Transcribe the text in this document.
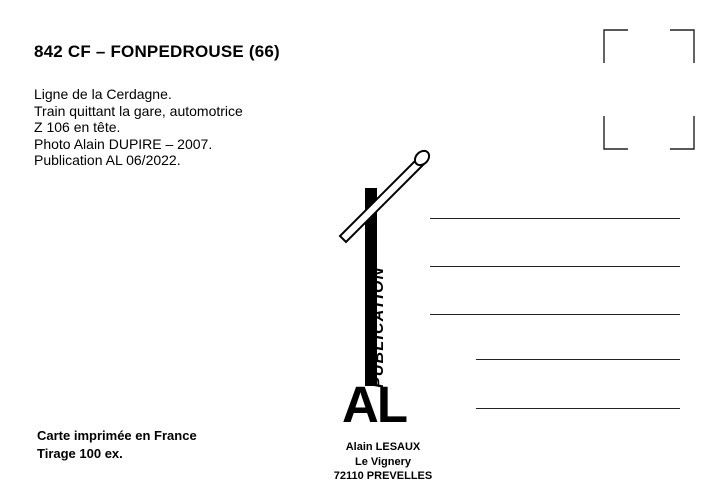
842 CF – FONPEDROUSE (66)
Ligne de la Cerdagne.
Train quittant la gare, automotrice
Z 106 en tête.
Photo Alain DUPIRE – 2007.
Publication AL 06/2022.
Carte imprimée en France
Tirage 100 ex.
PUBLICATION
AL
Alain LESAUX
Le Vignery
72110 PREVELLES
